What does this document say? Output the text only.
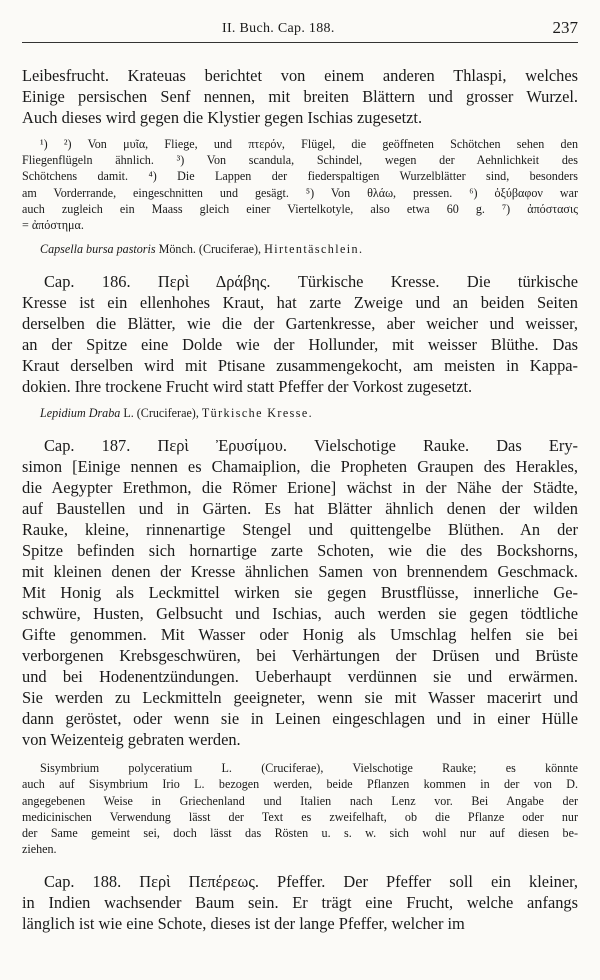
II. Buch. Cap. 188.	237
Leibesfrucht. Krateuas berichtet von einem anderen Thlaspi, welches
Einige persischen Senf nennen, mit breiten Blättern und grosser Wurzel.
Auch dieses wird gegen die Klystier gegen Ischias zugesetzt.
¹) ²) Von μυῖα, Fliege, und πτερόν, Flügel, die geöffneten Schötchen sehen den
Fliegenflügeln ähnlich. ³) Von scandula, Schindel, wegen der Aehnlichkeit des
Schötchens damit. ⁴) Die Lappen der fiederspaltigen Wurzelblätter sind, besonders
am Vorderrande, eingeschnitten und gesägt. ⁵) Von θλάω, pressen. ⁶) ὀξύβαφον war
auch zugleich ein Maass gleich einer Viertelkotyle, also etwa 60 g. ⁷) ἀπόστασις
= ἀπόστημα.
Capsella bursa pastoris Mönch. (Cruciferae), Hirtentäschlein.
Cap. 186. Περὶ Δράβης. Türkische Kresse. Die türkische
Kresse ist ein ellenhohes Kraut, hat zarte Zweige und an beiden Seiten
derselben die Blätter, wie die der Gartenkresse, aber weicher und weisser,
an der Spitze eine Dolde wie der Hollunder, mit weisser Blüthe. Das
Kraut derselben wird mit Ptisane zusammengekocht, am meisten in Kappa-
dokien. Ihre trockene Frucht wird statt Pfeffer der Vorkost zugesetzt.
Lepidium Draba L. (Cruciferae), Türkische Kresse.
Cap. 187. Περὶ Ἐρυσίμου. Vielschotige Rauke. Das Ery-
simon [Einige nennen es Chamaiplion, die Propheten Graupen des Herakles,
die Aegypter Erethmon, die Römer Erione] wächst in der Nähe der Städte,
auf Baustellen und in Gärten. Es hat Blätter ähnlich denen der wilden
Rauke, kleine, rinnenartige Stengel und quittengelbe Blüthen. An der
Spitze befinden sich hornartige zarte Schoten, wie die des Bockshorns,
mit kleinen denen der Kresse ähnlichen Samen von brennendem Geschmack.
Mit Honig als Leckmittel wirken sie gegen Brustflüsse, innerliche Ge-
schwüre, Husten, Gelbsucht und Ischias, auch werden sie gegen tödtliche
Gifte genommen. Mit Wasser oder Honig als Umschlag helfen sie bei
verborgenen Krebsgeschwüren, bei Verhärtungen der Drüsen und Brüste
und bei Hodenentzündungen. Ueberhaupt verdünnen sie und erwärmen.
Sie werden zu Leckmitteln geeigneter, wenn sie mit Wasser macerirt und
dann geröstet, oder wenn sie in Leinen eingeschlagen und in einer Hülle
von Weizenteig gebraten werden.
Sisymbrium polyceratium L. (Cruciferae), Vielschotige Rauke; es könnte
auch auf Sisymbrium Irio L. bezogen werden, beide Pflanzen kommen in der von D.
angegebenen Weise in Griechenland und Italien nach Lenz vor. Bei Angabe der
medicinischen Verwendung lässt der Text es zweifelhaft, ob die Pflanze oder nur
der Same gemeint sei, doch lässt das Rösten u. s. w. sich wohl nur auf diesen be-
ziehen.
Cap. 188. Περὶ Πεπέρεως. Pfeffer. Der Pfeffer soll ein kleiner,
in Indien wachsender Baum sein. Er trägt eine Frucht, welche anfangs
länglich ist wie eine Schote, dieses ist der lange Pfeffer, welcher im
